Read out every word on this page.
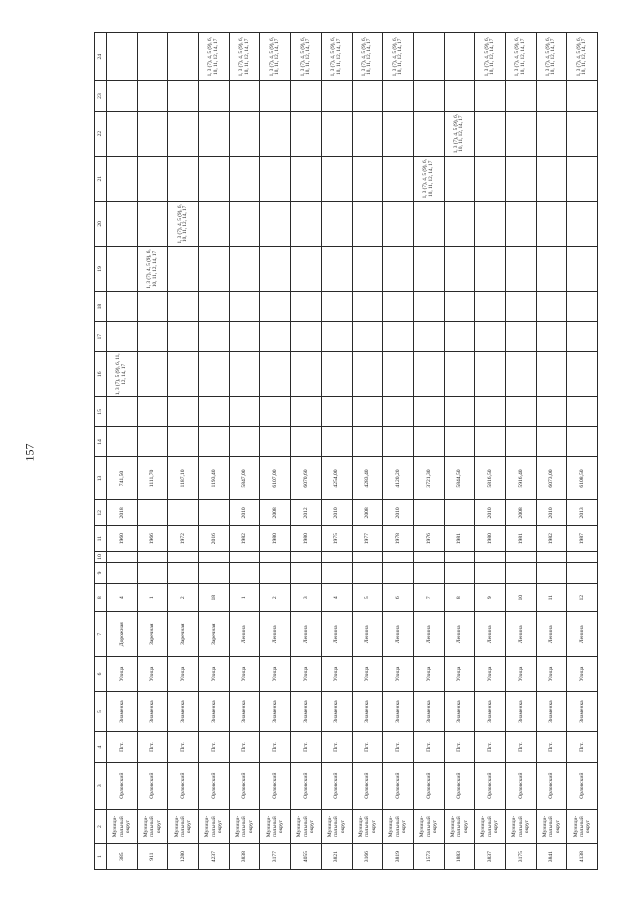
157
1	2	3	4	5	6	7	8	9	10	11	12	13	14	15	16	17	18	19	20	21	22	23	24
385	Муници-пальный округ	Орловский	Пгт.	Знаменка	Улица	Дорожная	4			1960	2018	741,50			1, 3 (7), 5 (9), 6, 11, 12, 14, 17								
911	Муници-пальный округ	Орловский	Пгт.	Знаменка	Улица	Заречная	1			1966		1111,70						1, 3 (7), 4, 5 (9), 6, 10, 11, 12, 14, 17					
1280	Муници-пальный округ	Орловский	Пгт.	Знаменка	Улица	Заречная	2			1972		1187,10							1, 3 (7), 4, 5 (9), 6, 10, 11, 12, 14, 17				
4237	Муници-пальный округ	Орловский	Пгт.	Знаменка	Улица	Заречная	18			2016		1193,40											1, 3 (7), 4, 5 (9), 6, 10, 11, 12, 14, 17
3838	Муници-пальный округ	Орловский	Пгт.	Знаменка	Улица	Ленина	1			1982	2010	5847,00											1, 3 (7), 4, 5 (9), 6, 10, 11, 12, 14, 17
3177	Муници-пальный округ	Орловский	Пгт.	Знаменка	Улица	Ленина	2			1980	2008	6107,00											1, 3 (7), 4, 5 (9), 6, 10, 11, 12, 14, 17
4055	Муници-пальный округ	Орловский	Пгт.	Знаменка	Улица	Ленина	3			1980	2012	6070,60											1, 3 (7), 4, 5 (9), 6, 10, 11, 12, 14, 17
3821	Муници-пальный округ	Орловский	Пгт.	Знаменка	Улица	Ленина	4			1975	2010	4254,00											1, 3 (7), 4, 5 (9), 6, 10, 11, 12, 14, 17
3166	Муници-пальный округ	Орловский	Пгт.	Знаменка	Улица	Ленина	5			1977	2008	4283,40											1, 3 (7), 4, 5 (9), 6, 10, 11, 12, 14, 17
3819	Муници-пальный округ	Орловский	Пгт.	Знаменка	Улица	Ленина	6			1978	2010	4120,20											1, 3 (7), 4, 5 (9), 6, 10, 11, 12, 14, 17
1573	Муници-пальный округ	Орловский	Пгт.	Знаменка	Улица	Ленина	7			1976		3721,30								1, 3 (7), 4, 5 (9), 6, 10, 11, 12, 14, 17			
1883	Муници-пальный округ	Орловский	Пгт.	Знаменка	Улица	Ленина	8			1981		5844,50									1, 3 (7), 4, 5 (9), 6, 10, 11, 12, 14, 17		
3837	Муници-пальный округ	Орловский	Пгт.	Знаменка	Улица	Ленина	9			1980	2010	5816,50											1, 3 (7), 4, 5 (9), 6, 10, 11, 12, 14, 17
3175	Муници-пальный округ	Орловский	Пгт.	Знаменка	Улица	Ленина	10			1981	2008	5916,40											1, 3 (7), 4, 5 (9), 6, 10, 11, 12, 14, 17
3841	Муници-пальный округ	Орловский	Пгт.	Знаменка	Улица	Ленина	11			1982	2010	6073,00											1, 3 (7), 4, 5 (9), 6, 10, 11, 12, 14, 17
4138	Муници-пальный округ	Орловский	Пгт.	Знаменка	Улица	Ленина	12			1987	2013	6108,50											1, 3 (7), 4, 5 (9), 6, 10, 11, 12, 14, 17
